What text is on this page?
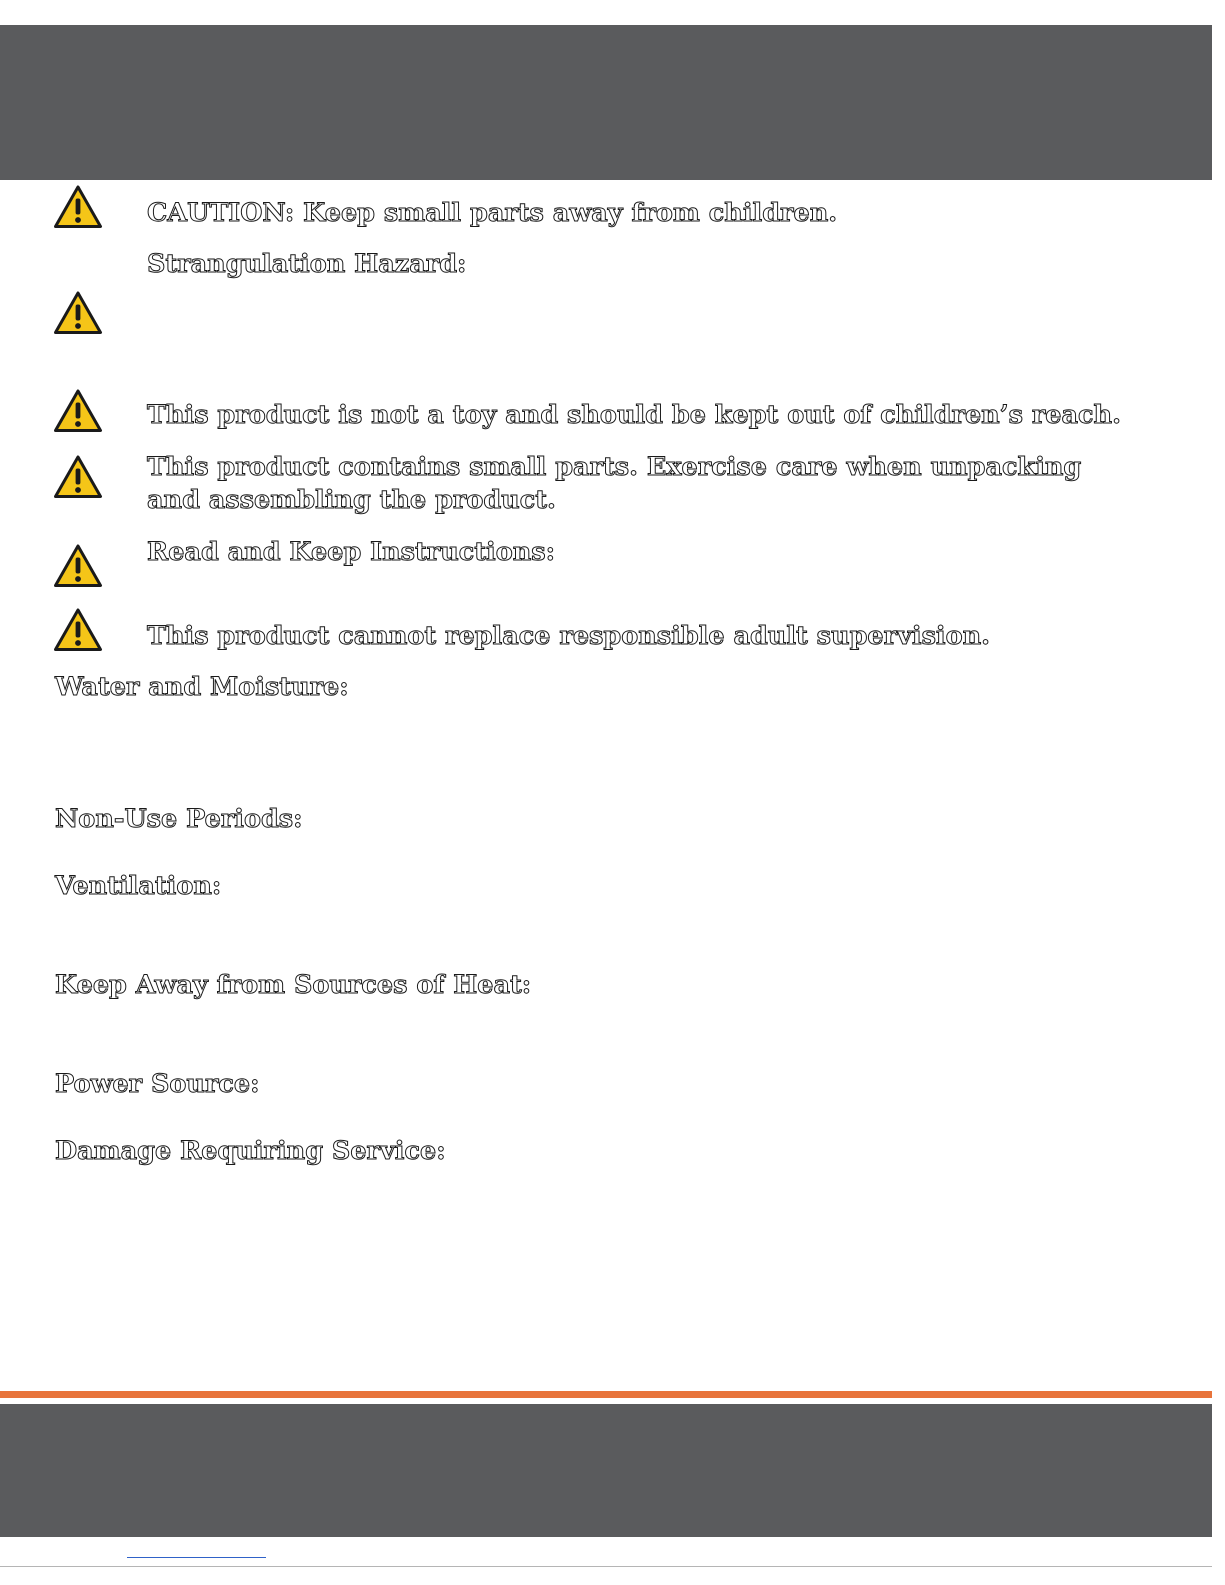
CAUTION: Keep small parts away from children.

Strangulation Hazard:

This product is not a toy and should be kept out of children’s reach.

This product contains small parts. Exercise care when unpacking and assembling the product.

Read and Keep Instructions:

This product cannot replace responsible adult supervision.

Water and Moisture:

Non-Use Periods:

Ventilation:

Keep Away from Sources of Heat:

Power Source:

Damage Requiring Service:
